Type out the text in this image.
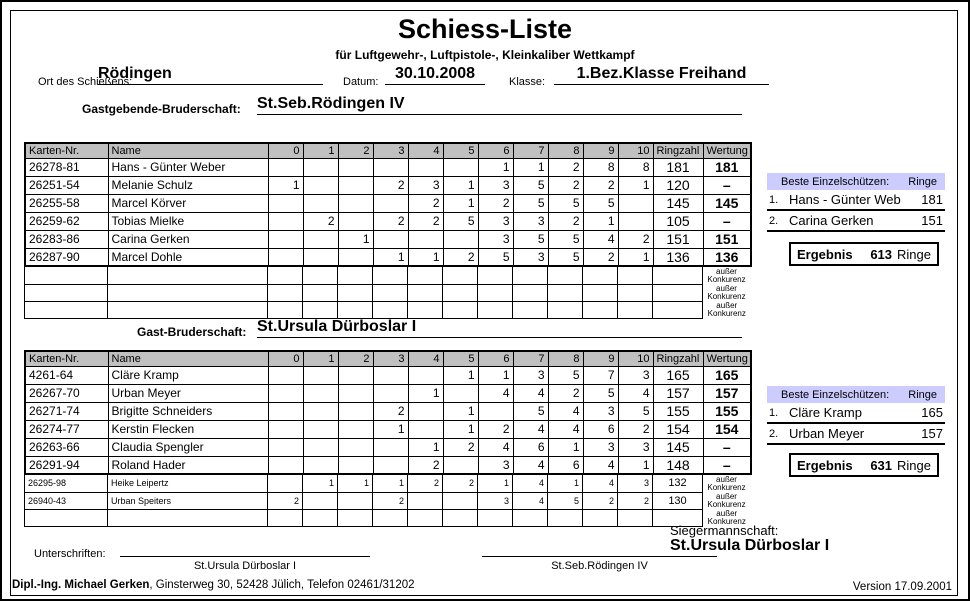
Schiess-Liste
für Luftgewehr-, Luftpistole-, Kleinkaliber Wettkampf
Ort des Schießens:
Rödingen	Datum:	30.10.2008	Klasse:	1.Bez.Klasse Freihand
Gastgebende-Bruderschaft: St.Seb.Rödingen IV
Karten-Nr.	Name	0	1	2	3	4	5	6	7	8	9	10	Ringzahl	Wertung
26278-81	Hans - Günter Weber							1	1	2	8	8	181	181
26251-54	Melanie Schulz	1			2	3	1	3	5	2	2	1	120	–
26255-58	Marcel Körver					2	1	2	5	5	5		145	145
26259-62	Tobias Mielke		2		2	2	5	3	3	2	1		105	–
26283-86	Carina Gerken			1				3	5	5	4	2	151	151
26287-90	Marcel Dohle				1	1	2	5	3	5	2	1	136	136
														außer Konkurenz
														außer Konkurenz
														außer Konkurenz
Beste Einzelschützen: Ringe
1. Hans - Günter Web	181
2. Carina Gerken	151
Ergebnis	613 Ringe
Gast-Bruderschaft: St.Ursula Dürboslar I
Karten-Nr.	Name	0	1	2	3	4	5	6	7	8	9	10	Ringzahl	Wertung
4261-64	Cläre Kramp						1	1	3	5	7	3	165	165
26267-70	Urban Meyer					1		4	4	2	5	4	157	157
26271-74	Brigitte Schneiders				2		1		5	4	3	5	155	155
26274-77	Kerstin Flecken				1		1	2	4	4	6	2	154	154
26263-66	Claudia Spengler					1	2	4	6	1	3	3	145	–
26291-94	Roland Hader					2		3	4	6	4	1	148	–
26295-98	Heike Leipertz		1	1	1	2	2	1	4	1	4	3	132	außer Konkurenz
26940-43	Urban Speiters	2			2			3	4	5	2	2	130	außer Konkurenz
														außer Konkurenz
Beste Einzelschützen: Ringe
1. Cläre Kramp	165
2. Urban Meyer	157
Ergebnis	631 Ringe
Siegermannschaft:
St.Ursula Dürboslar I
Unterschriften:
St.Ursula Dürboslar I	St.Seb.Rödingen IV
Dipl.-Ing. Michael Gerken, Ginsterweg 30, 52428 Jülich, Telefon 02461/31202	Version 17.09.2001
